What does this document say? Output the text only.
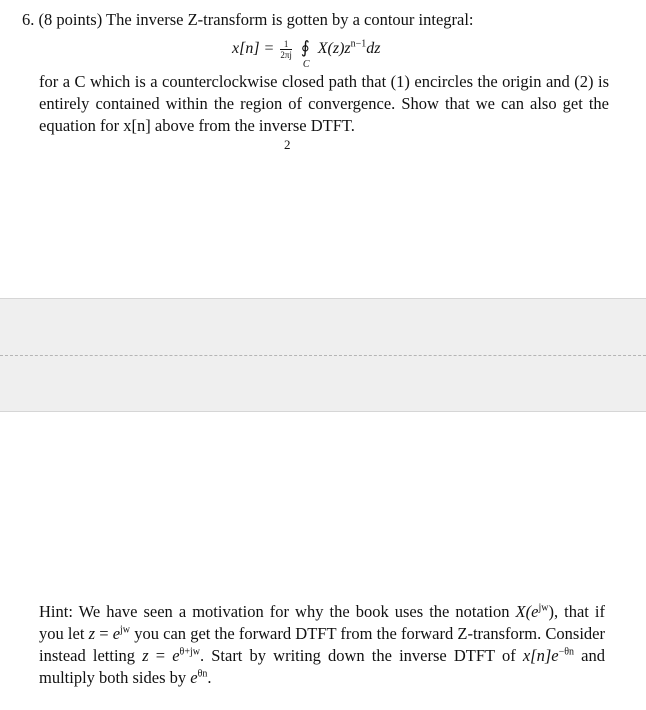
6. (8 points) The inverse Z-transform is gotten by a contour integral:
$x[n] = \frac{1}{2\pi j}$ ∮
C
$X(z)z^{n-1}dz$
for a C which is a counterclockwise closed path that (1) encircles the origin and (2) is entirely contained within the region of convergence. Show that we can also get the equation for x[n] above from the inverse DTFT.
2
Hint: We have seen a motivation for why the book uses the notation $X(e^{jw})$, that if you let $z = e^{jw}$ you can get the forward DTFT from the forward Z-transform. Consider instead letting $z = e^{\theta+jw}$. Start by writing down the inverse DTFT of $x[n]e^{-\theta n}$ and multiply both sides by $e^{\theta n}$.
